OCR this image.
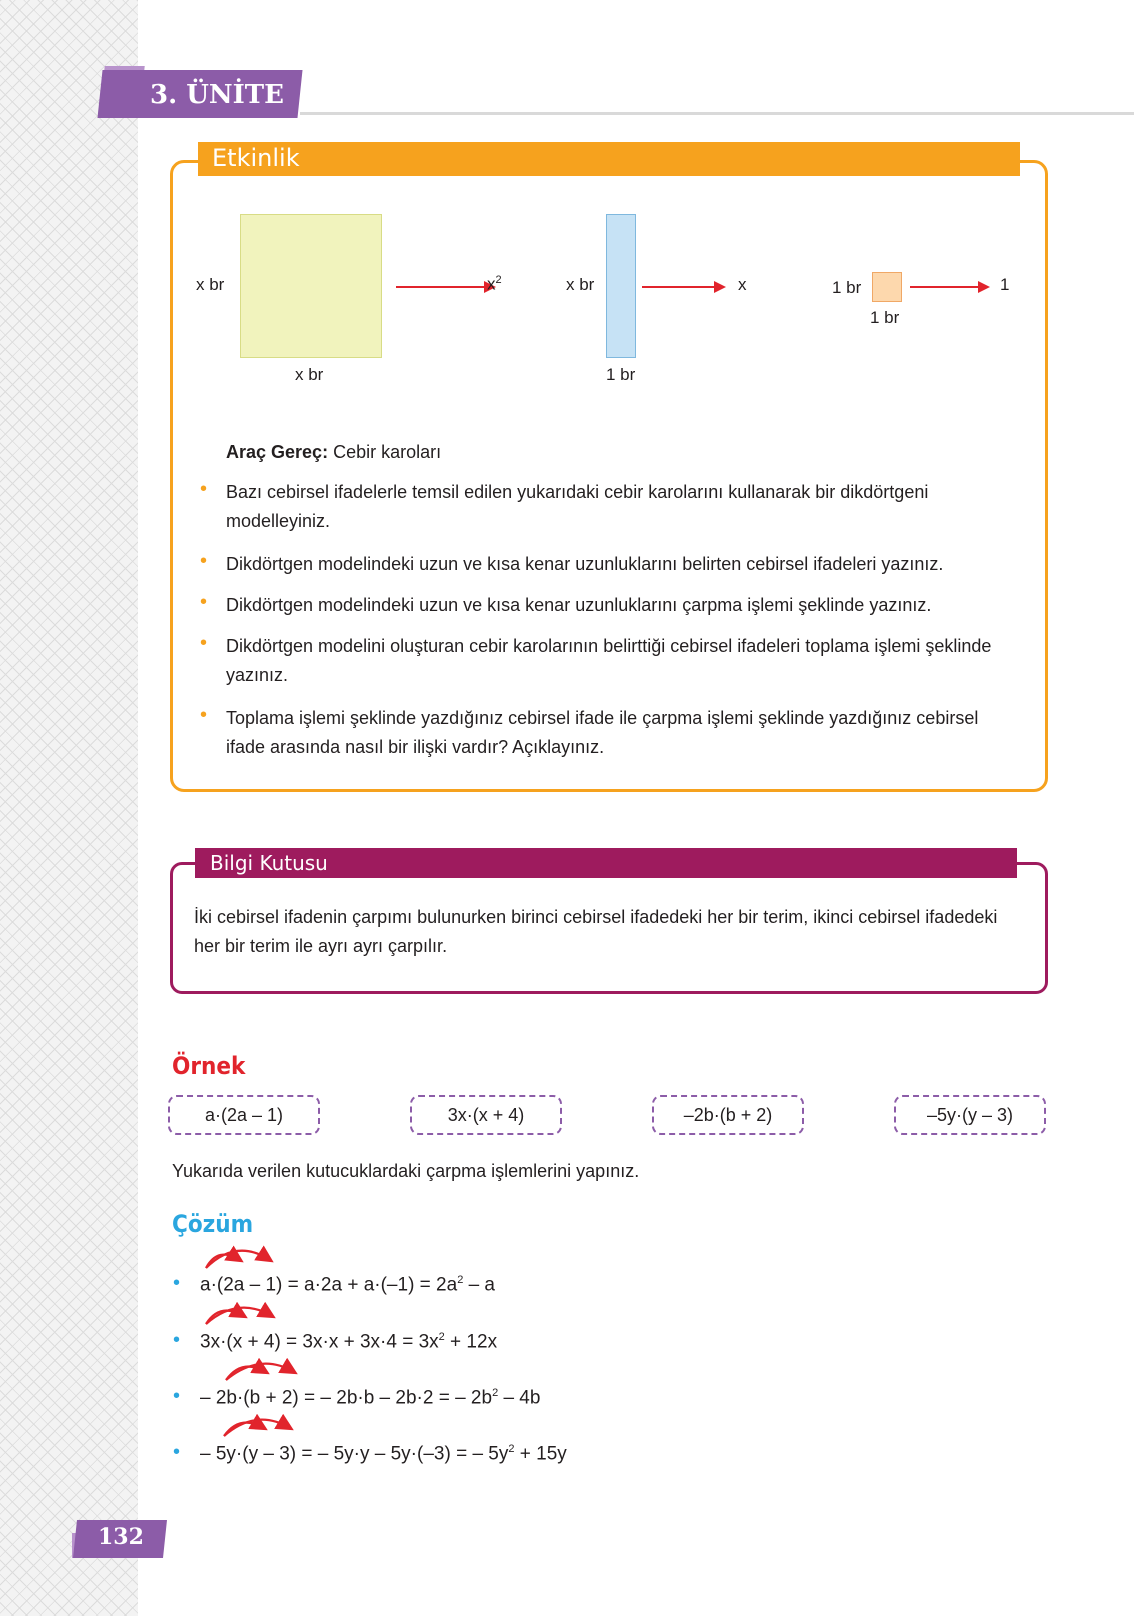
3. ÜNİTE
Etkinlik
x br
x br
$x^2$	x br
1 br
x	1 br
1 br
1
Araç Gereç: Cebir karoları
• Bazı cebirsel ifadelerle temsil edilen yukarıdaki cebir karolarını kullanarak bir dikdörtgeni modelleyiniz.
• Dikdörtgen modelindeki uzun ve kısa kenar uzunluklarını belirten cebirsel ifadeleri yazınız.
• Dikdörtgen modelindeki uzun ve kısa kenar uzunluklarını çarpma işlemi şeklinde yazınız.
• Dikdörtgen modelini oluşturan cebir karolarının belirttiği cebirsel ifadeleri toplama işlemi şeklinde yazınız.
• Toplama işlemi şeklinde yazdığınız cebirsel ifade ile çarpma işlemi şeklinde yazdığınız cebirsel ifade arasında nasıl bir ilişki vardır? Açıklayınız.
Bilgi Kutusu
İki cebirsel ifadenin çarpımı bulunurken birinci cebirsel ifadedeki her bir terim, ikinci cebirsel ifadedeki her bir terim ile ayrı ayrı çarpılır.
Örnek
a·(2a – 1)	3x·(x + 4)	–2b·(b + 2)	–5y·(y – 3)
Yukarıda verilen kutucuklardaki çarpma işlemlerini yapınız.
Çözüm
• $a\cdot(2a - 1) = a\cdot 2a + a\cdot(-1) = 2a^2 - a$
• $3x\cdot(x + 4) = 3x\cdot x + 3x\cdot 4 = 3x^2 + 12x$
• – 2b·(b + 2) = – 2b·b – 2b·2 = – $2b^2 - 4b$
• – 5y·(y – 3) = – 5y·y – 5y·(–3) = – $5y^2 + 15y$
132
